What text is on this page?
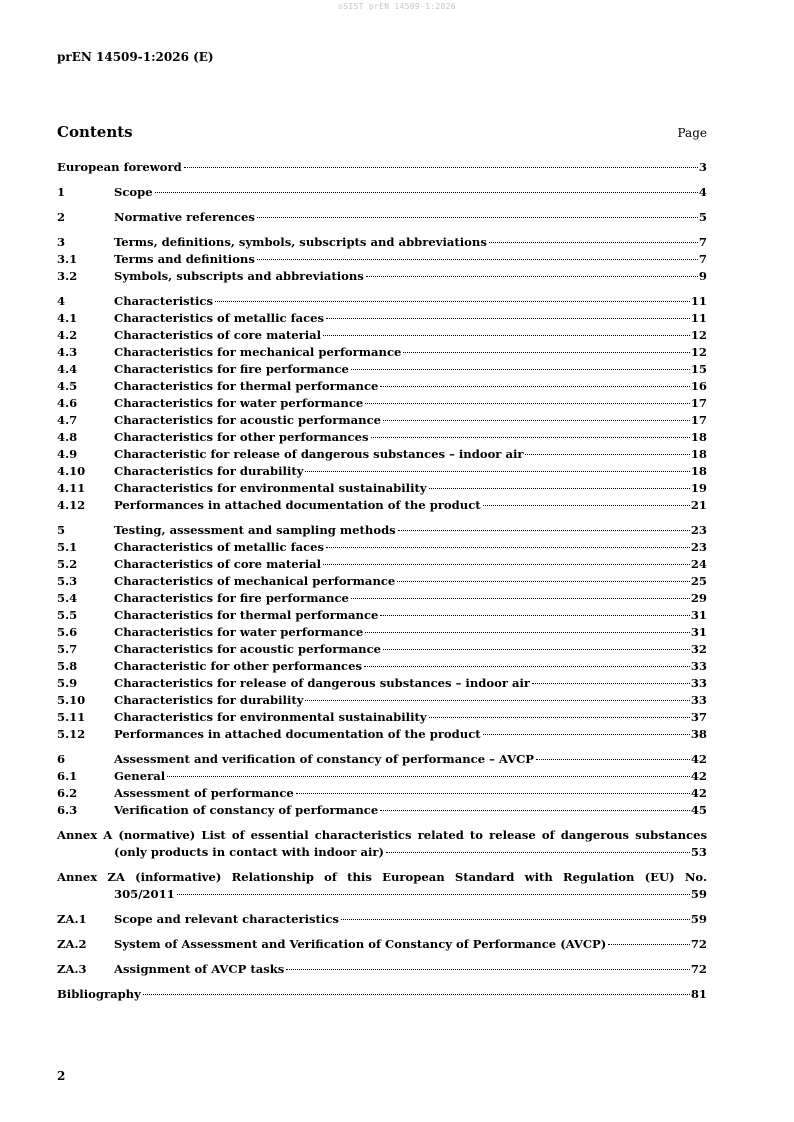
oSIST prEN 14509-1:2026
prEN 14509-1:2026 (E)
Contents	Page
European foreword	3
1	Scope	4
2	Normative references	5
3	Terms, definitions, symbols, subscripts and abbreviations	7
3.1	Terms and definitions	7
3.2	Symbols, subscripts and abbreviations	9
4	Characteristics	11
4.1	Characteristics of metallic faces	11
4.2	Characteristics of core material	12
4.3	Characteristics for mechanical performance	12
4.4	Characteristics for fire performance	15
4.5	Characteristics for thermal performance	16
4.6	Characteristics for water performance	17
4.7	Characteristics for acoustic performance	17
4.8	Characteristics for other performances	18
4.9	Characteristic for release of dangerous substances – indoor air	18
4.10 Characteristics for durability	18
4.11 Characteristics for environmental sustainability	19
4.12 Performances in attached documentation of the product	21
5	Testing, assessment and sampling methods	23
5.1	Characteristics of metallic faces	23
5.2	Characteristics of core material	24
5.3	Characteristics of mechanical performance	25
5.4	Characteristics for fire performance	29
5.5	Characteristics for thermal performance	31
5.6	Characteristics for water performance	31
5.7	Characteristics for acoustic performance	32
5.8	Characteristic for other performances	33
5.9	Characteristics for release of dangerous substances – indoor air	33
5.10 Characteristics for durability	33
5.11 Characteristics for environmental sustainability	37
5.12 Performances in attached documentation of the product	38
6	Assessment and verification of constancy of performance – AVCP	42
6.1	General	42
6.2	Assessment of performance	42
6.3	Verification of constancy of performance	45
Annex A (normative) List of essential characteristics related to release of dangerous substances
(only products in contact with indoor air)	53
Annex ZA (informative) Relationship of this European Standard with Regulation (EU) No.
305/2011	59
ZA.1 Scope and relevant characteristics	59
ZA.2 System of Assessment and Verification of Constancy of Performance (AVCP)	72
ZA.3 Assignment of AVCP tasks	72
Bibliography	81
2
